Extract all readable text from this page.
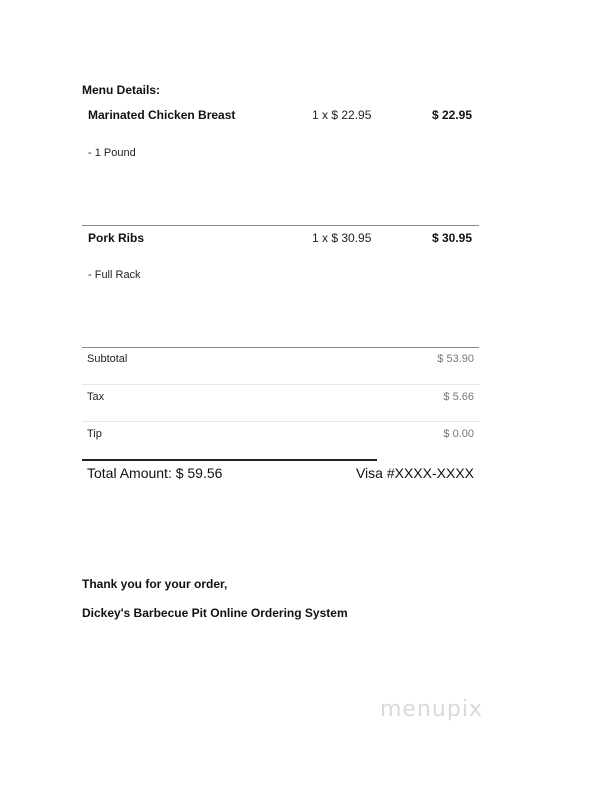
Menu Details:
Marinated Chicken Breast	1 x $ 22.95	$ 22.95
- 1 Pound
Pork Ribs	1 x $ 30.95	$ 30.95
- Full Rack
Subtotal	$ 53.90
Tax	$ 5.66
Tip	$ 0.00
Total Amount: $ 59.56	Visa #XXXX-XXXX
Thank you for your order,
Dickey's Barbecue Pit Online Ordering System
menupix
